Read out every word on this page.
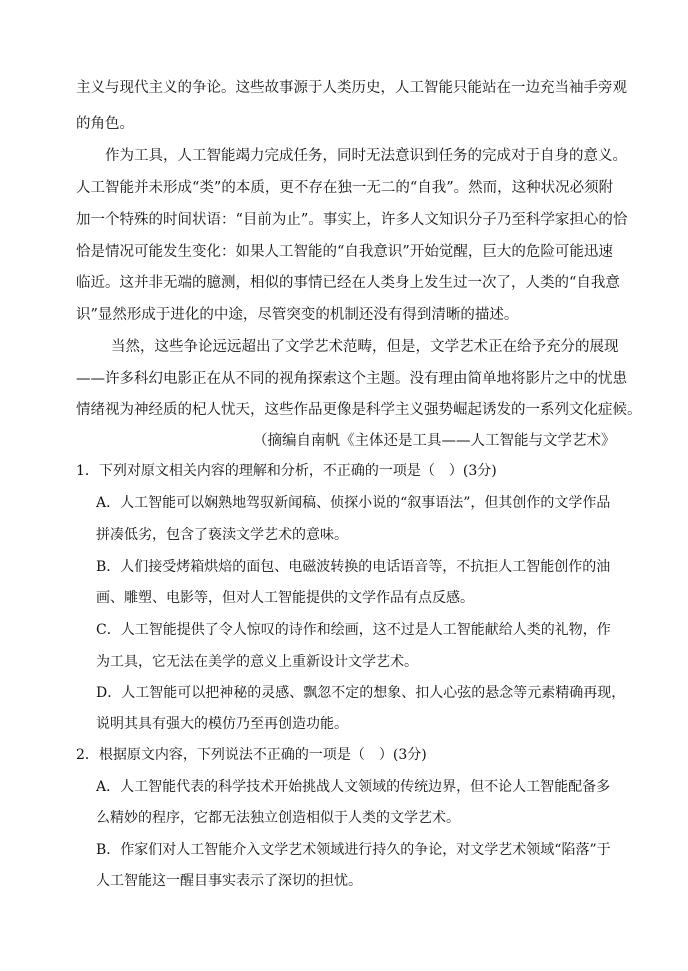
主义与现代主义的争论。这些故事源于人类历史，人工智能只能站在一边充当袖手旁观
的角色。
作为工具，人工智能竭力完成任务，同时无法意识到任务的完成对于自身的意义。
人工智能并未形成“类”的本质，更不存在独一无二的“自我”。然而，这种状况必须附
加一个特殊的时间状语：“目前为止”。事实上，许多人文知识分子乃至科学家担心的恰
恰是情况可能发生变化：如果人工智能的“自我意识”开始觉醒，巨大的危险可能迅速
临近。这并非无端的臆测，相似的事情已经在人类身上发生过一次了，人类的“自我意
识”显然形成于进化的中途，尽管突变的机制还没有得到清晰的描述。
当然，这些争论远远超出了文学艺术范畴，但是，文学艺术正在给予充分的展现
——许多科幻电影正在从不同的视角探索这个主题。没有理由简单地将影片之中的忧患
情绪视为神经质的杞人忧天，这些作品更像是科学主义强势崛起诱发的一系列文化症候。
（摘编自南帆《主体还是工具——人工智能与文学艺术》
1．下列对原文相关内容的理解和分析，不正确的一项是（　）(3分)
A．人工智能可以娴熟地驾驭新闻稿、侦探小说的“叙事语法”，但其创作的文学作品
拼凑低劣，包含了亵渎文学艺术的意味。
B．人们接受烤箱烘焙的面包、电磁波转换的电话语音等，不抗拒人工智能创作的油
画、雕塑、电影等，但对人工智能提供的文学作品有点反感。
C．人工智能提供了令人惊叹的诗作和绘画，这不过是人工智能献给人类的礼物，作
为工具，它无法在美学的意义上重新设计文学艺术。
D．人工智能可以把神秘的灵感、飘忽不定的想象、扣人心弦的悬念等元素精确再现，
说明其具有强大的模仿乃至再创造功能。
2．根据原文内容，下列说法不正确的一项是（　）(3分)
A．人工智能代表的科学技术开始挑战人文领域的传统边界，但不论人工智能配备多
么精妙的程序，它都无法独立创造相似于人类的文学艺术。
B．作家们对人工智能介入文学艺术领域进行持久的争论，对文学艺术领域“陷落”于
人工智能这一醒目事实表示了深切的担忧。
